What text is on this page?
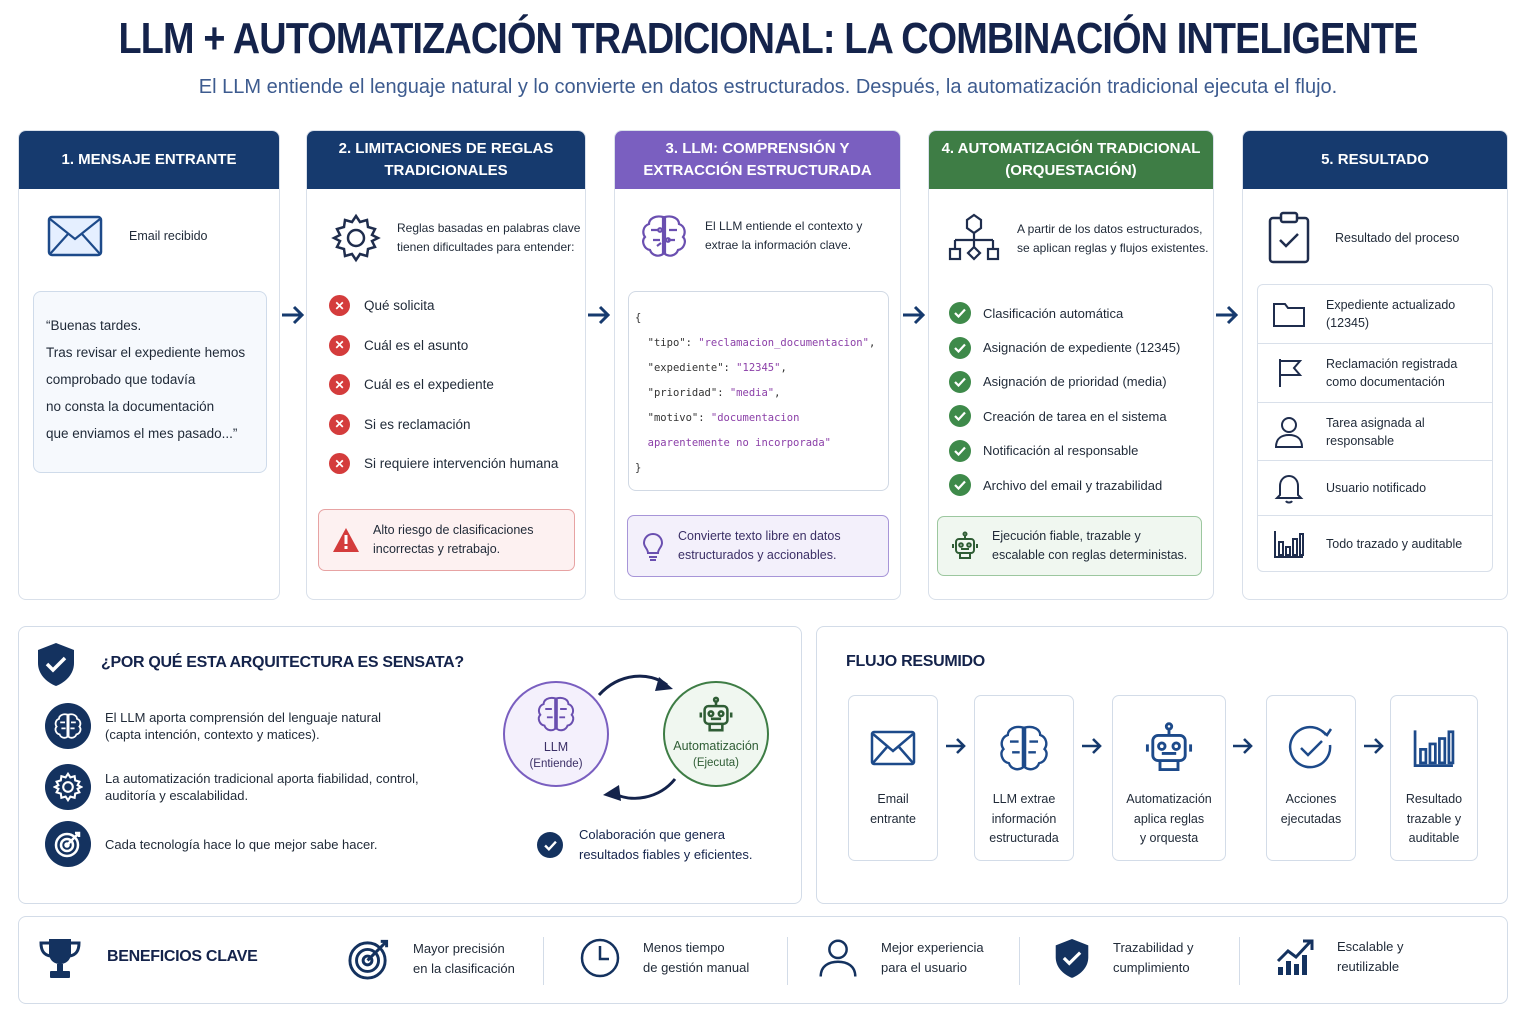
LLM + AUTOMATIZACIÓN TRADICIONAL: LA COMBINACIÓN INTELIGENTE
El LLM entiende el lenguaje natural y lo convierte en datos estructurados. Después, la automatización tradicional ejecuta el flujo.
1. MENSAJE ENTRANTE
Email recibido
“Buenas tardes.
Tras revisar el expediente hemos
comprobado que todavía
no consta la documentación
que enviamos el mes pasado...”
2. LIMITACIONES DE REGLAS
TRADICIONALES
Reglas basadas en palabras clave
tienen dificultades para entender:
✕	Qué solicita
✕	Cuál es el asunto
✕	Cuál es el expediente
✕	Si es reclamación
✕	Si requiere intervención humana
Alto riesgo de clasificaciones
incorrectas y retrabajo.
3. LLM: COMPRENSIÓN Y
EXTRACCIÓN ESTRUCTURADA
El LLM entiende el contexto y
extrae la información clave.
{
"tipo": "reclamacion_documentacion",
"expediente": "12345",
"prioridad": "media",
"motivo": "documentacion
aparentemente no incorporada"
}
Convierte texto libre en datos
estructurados y accionables.
4. AUTOMATIZACIÓN TRADICIONAL
(ORQUESTACIÓN)
A partir de los datos estructurados,
se aplican reglas y flujos existentes.
Clasificación automática
Asignación de expediente (12345)
Asignación de prioridad (media)
Creación de tarea en el sistema
Notificación al responsable
Archivo del email y trazabilidad
Ejecución fiable, trazable y
escalable con reglas deterministas.
5. RESULTADO
Resultado del proceso
Expediente actualizado
(12345)
Reclamación registrada
como documentación
Tarea asignada al
responsable
Usuario notificado
Todo trazado y auditable
¿POR QUÉ ESTA ARQUITECTURA ES SENSATA?
El LLM aporta comprensión del lenguaje natural
(capta intención, contexto y matices).
La automatización tradicional aporta fiabilidad, control,
auditoría y escalabilidad.
Cada tecnología hace lo que mejor sabe hacer.
LLM
(Entiende)
Automatización
(Ejecuta)
Colaboración que genera
resultados fiables y eficientes.
FLUJO RESUMIDO
Email
entrante
LLM extrae
información
estructurada
Automatización
aplica reglas
y orquesta
Acciones
ejecutadas
Resultado
trazable y
auditable
BENEFICIOS CLAVE	Mayor precisión
en la clasificación
Menos tiempo
de gestión manual
Mejor experiencia
para el usuario
Trazabilidad y
cumplimiento
Escalable y
reutilizable
